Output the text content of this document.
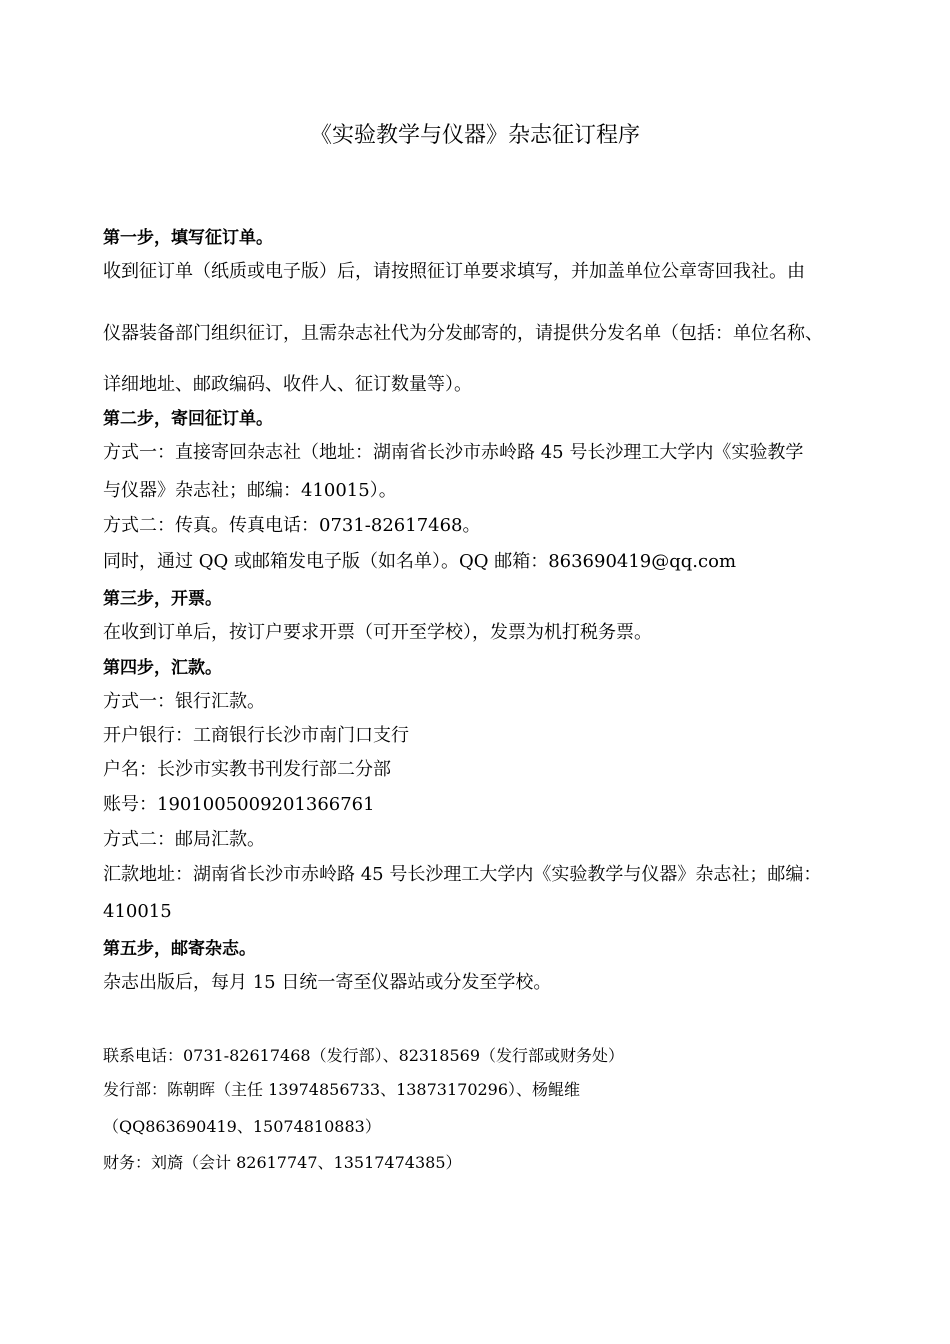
《实验教学与仪器》杂志征订程序
第一步，填写征订单。
收到征订单（纸质或电子版）后，请按照征订单要求填写，并加盖单位公章寄回我社。由
仪器装备部门组织征订，且需杂志社代为分发邮寄的，请提供分发名单（包括：单位名称、
详细地址、邮政编码、收件人、征订数量等）。
第二步，寄回征订单。
方式一：直接寄回杂志社（地址：湖南省长沙市赤岭路 45 号长沙理工大学内《实验教学
与仪器》杂志社；邮编：410015）。
方式二：传真。传真电话：0731-82617468。
同时，通过 QQ 或邮箱发电子版（如名单）。QQ 邮箱：863690419@qq.com
第三步，开票。
在收到订单后，按订户要求开票（可开至学校），发票为机打税务票。
第四步，汇款。
方式一：银行汇款。
开户银行：工商银行长沙市南门口支行
户名：长沙市实教书刊发行部二分部
账号：1901005009201366761
方式二：邮局汇款。
汇款地址：湖南省长沙市赤岭路 45 号长沙理工大学内《实验教学与仪器》杂志社；邮编：
410015
第五步，邮寄杂志。
杂志出版后，每月 15 日统一寄至仪器站或分发至学校。
联系电话：0731-82617468（发行部）、82318569（发行部或财务处）
发行部：陈朝晖（主任 13974856733、13873170296）、杨鲲维
（QQ863690419、15074810883）
财务：刘旖（会计 82617747、13517474385）
